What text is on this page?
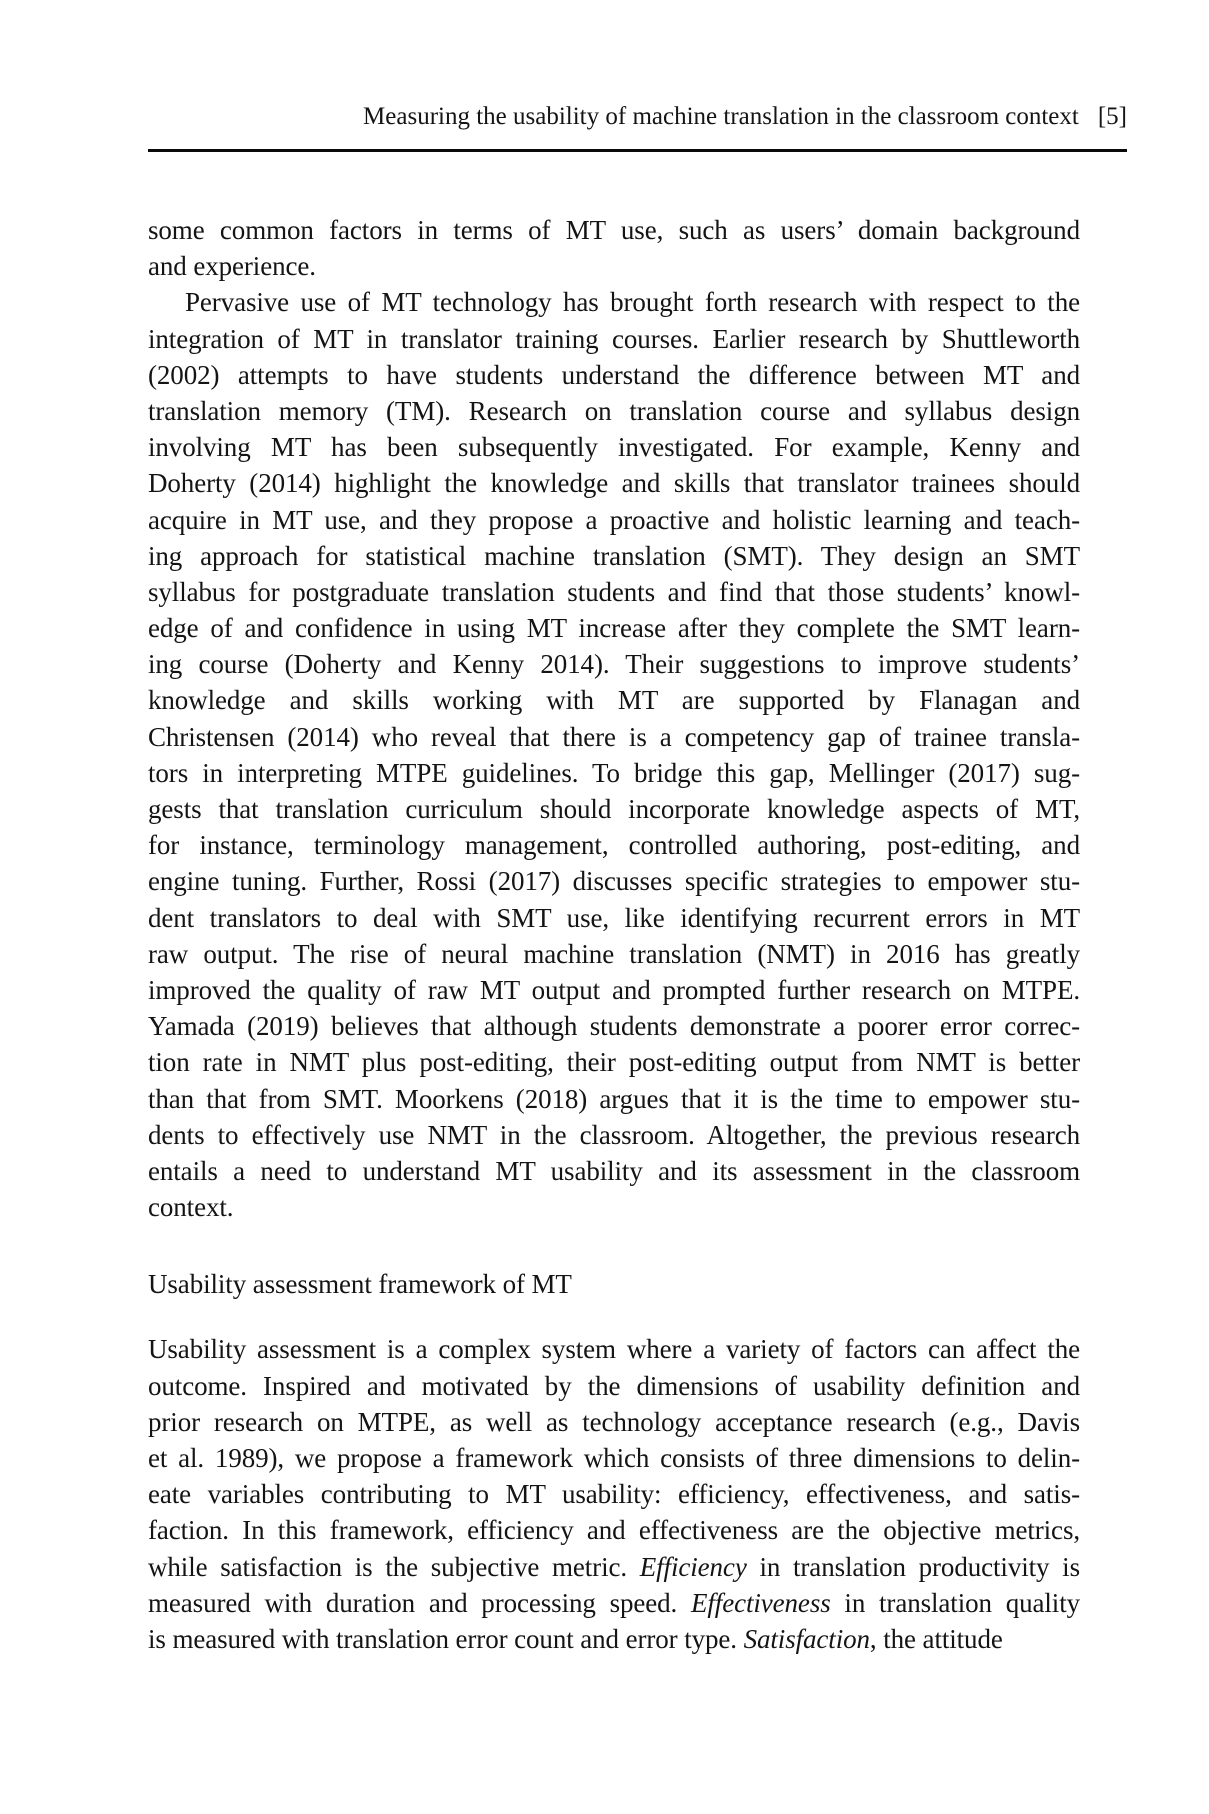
Measuring the usability of machine translation in the classroom context [5]
some common factors in terms of MT use, such as users’ domain background
and experience.
Pervasive use of MT technology has brought forth research with respect to the
integration of MT in translator training courses. Earlier research by Shuttleworth
(2002) attempts to have students understand the difference between MT and
translation memory (TM). Research on translation course and syllabus design
involving MT has been subsequently investigated. For example, Kenny and
Doherty (2014) highlight the knowledge and skills that translator trainees should
acquire in MT use, and they propose a proactive and holistic learning and teach-
ing approach for statistical machine translation (SMT). They design an SMT
syllabus for postgraduate translation students and find that those students’ knowl-
edge of and confidence in using MT increase after they complete the SMT learn-
ing course (Doherty and Kenny 2014). Their suggestions to improve students’
knowledge and skills working with MT are supported by Flanagan and
Christensen (2014) who reveal that there is a competency gap of trainee transla-
tors in interpreting MTPE guidelines. To bridge this gap, Mellinger (2017) sug-
gests that translation curriculum should incorporate knowledge aspects of MT,
for instance, terminology management, controlled authoring, post-editing, and
engine tuning. Further, Rossi (2017) discusses specific strategies to empower stu-
dent translators to deal with SMT use, like identifying recurrent errors in MT
raw output. The rise of neural machine translation (NMT) in 2016 has greatly
improved the quality of raw MT output and prompted further research on MTPE.
Yamada (2019) believes that although students demonstrate a poorer error correc-
tion rate in NMT plus post-editing, their post-editing output from NMT is better
than that from SMT. Moorkens (2018) argues that it is the time to empower stu-
dents to effectively use NMT in the classroom. Altogether, the previous research
entails a need to understand MT usability and its assessment in the classroom
context.
Usability assessment framework of MT
Usability assessment is a complex system where a variety of factors can affect the
outcome. Inspired and motivated by the dimensions of usability definition and
prior research on MTPE, as well as technology acceptance research (e.g., Davis
et al. 1989), we propose a framework which consists of three dimensions to delin-
eate variables contributing to MT usability: efficiency, effectiveness, and satis-
faction. In this framework, efficiency and effectiveness are the objective metrics,
while satisfaction is the subjective metric. Efficiency in translation productivity is
measured with duration and processing speed. Effectiveness in translation quality
is measured with translation error count and error type. Satisfaction, the attitude
